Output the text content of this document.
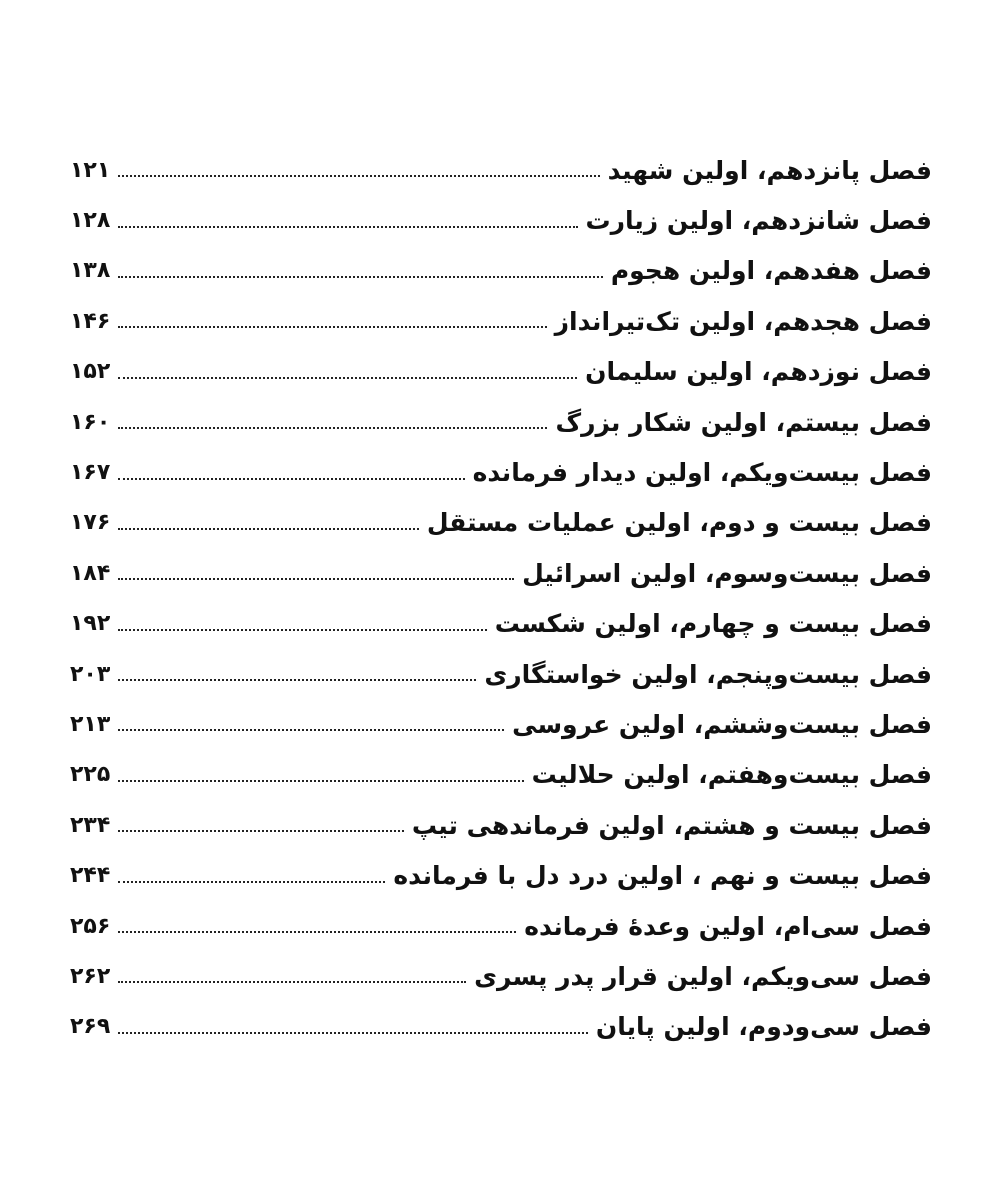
فصل پانزدهم، اولین شهید
۱۲۱
فصل شانزدهم، اولین زیارت
۱۲۸
فصل هفدهم، اولین هجوم
۱۳۸
فصل هجدهم، اولین تک‌تیرانداز
۱۴۶
فصل نوزدهم، اولین سلیمان
۱۵۲
فصل بیستم، اولین شکار بزرگ
۱۶۰
فصل بیست‌ویکم، اولین دیدار فرمانده
۱۶۷
فصل بیست و دوم، اولین عملیات مستقل
۱۷۶
فصل بیست‌وسوم، اولین اسرائیل
۱۸۴
فصل بیست و چهارم، اولین شکست
۱۹۲
فصل بیست‌وپنجم، اولین خواستگاری
۲۰۳
فصل بیست‌وششم، اولین عروسی
۲۱۳
فصل بیست‌وهفتم، اولین حلالیت
۲۲۵
فصل بیست و هشتم، اولین فرماندهی تیپ
۲۳۴
فصل بیست و نهم ، اولین درد دل با فرمانده
۲۴۴
فصل سی‌ام، اولین وعدهٔ فرمانده
۲۵۶
فصل سی‌ویکم، اولین قرار پدر پسری
۲۶۲
فصل سی‌ودوم، اولین پایان
۲۶۹
